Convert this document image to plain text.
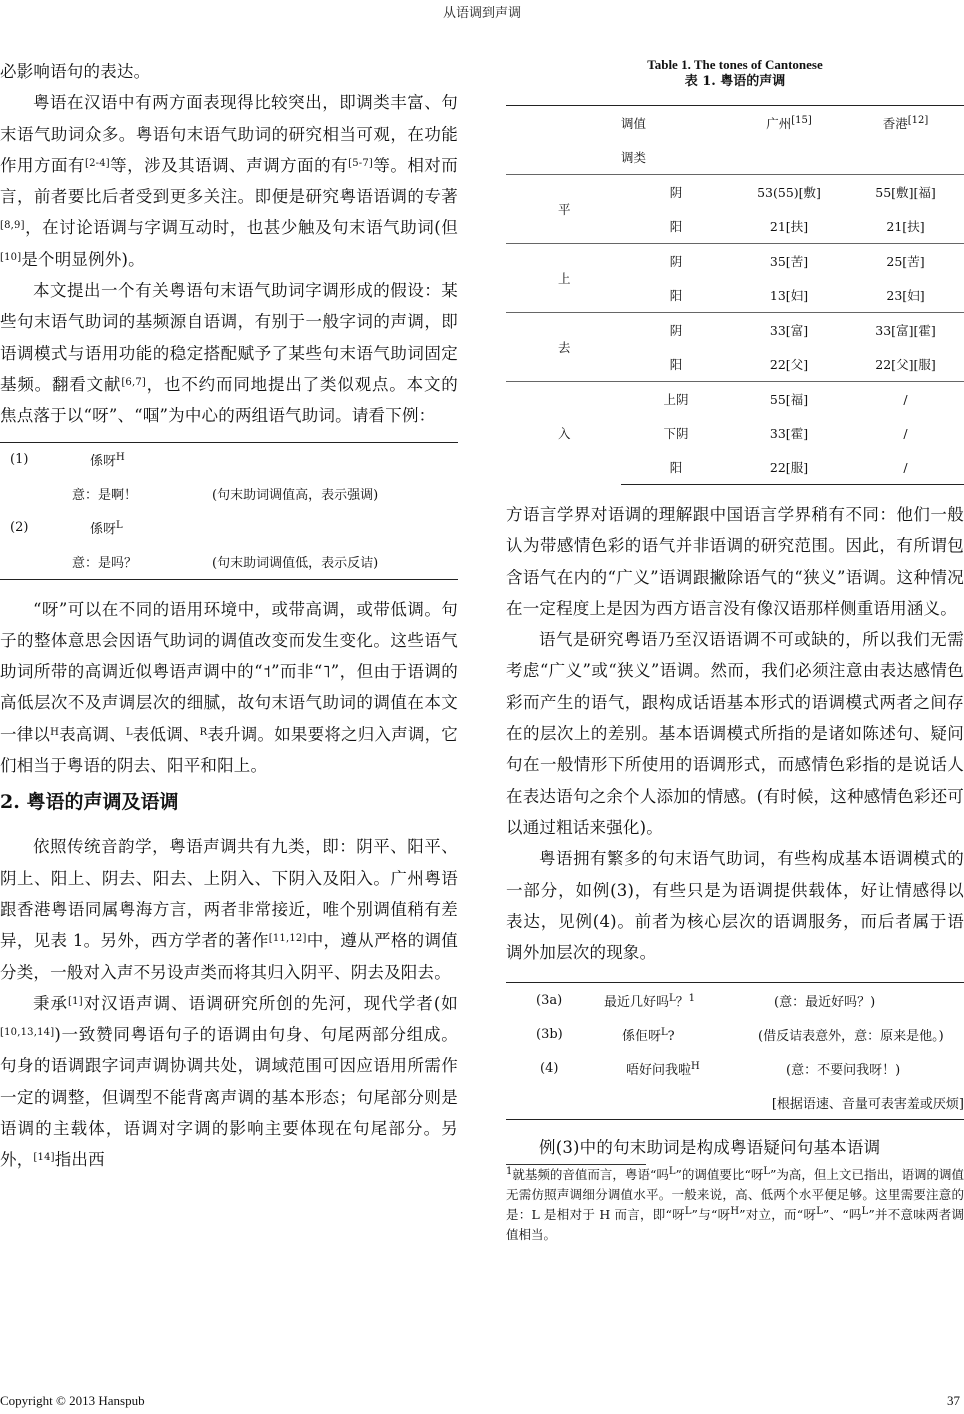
从语调到声调

必影响语句的表达。

粤语在汉语中有两方面表现得比较突出，即调类丰富、句末语气助词众多。粤语句末语气助词的研究相当可观，在功能作用方面有[2-4]等，涉及其语调、声调方面的有[5-7]等。相对而言，前者要比后者受到更多关注。即便是研究粤语语调的专著[8,9]，在讨论语调与字调互动时，也甚少触及句末语气助词(但[10]是个明显例外)。

本文提出一个有关粤语句末语气助词字调形成的假设：某些句末语气助词的基频源自语调，有别于一般字词的声调，即语调模式与语用功能的稳定搭配赋予了某些句末语气助词固定基频。翻看文献[6,7]，也不约而同地提出了类似观点。本文的焦点落于以“呀”、“啯”为中心的两组语气助词。请看下例：

(1)	係呀$^H$
意：是啊！	(句末助词调值高，表示强调)
(2)	係呀$^L$
意：是吗？	(句末助词调值低，表示反诘)

“呀”可以在不同的语用环境中，或带高调，或带低调。句子的整体意思会因语气助词的调值改变而发生变化。这些语气助词所带的高调近似粤语声调中的“˦”而非“˥”，但由于语调的高低层次不及声调层次的细腻，故句末语气助词的调值在本文一律以$^H$表高调、$^L$表低调、$^R$表升调。如果要将之归入声调，它们相当于粤语的阴去、阳平和阳上。

2. 粤语的声调及语调

依照传统音韵学，粤语声调共有九类，即：阴平、阳平、阴上、阳上、阴去、阳去、上阴入、下阴入及阳入。广州粤语跟香港粤语同属粤海方言，两者非常接近，唯个别调值稍有差异，见表 1。另外，西方学者的著作[11,12]中，遵从严格的调值分类，一般对入声不另设声类而将其归入阴平、阴去及阳去。

秉承[1]对汉语声调、语调研究所创的先河，现代学者(如[10,13,14])一致赞同粤语句子的语调由句身、句尾两部分组成。句身的语调跟字词声调协调共处，调域范围可因应语用所需作一定的调整，但调型不能背离声调的基本形态；句尾部分则是语调的主载体，语调对字调的影响主要体现在句尾部分。另外，[14]指出西

Table 1. The tones of Cantonese
表 1. 粤语的声调
	调值	广州[15]	香港[12]
	调类		
平	阴	53(55)[敷]	55[敷][福]
	阳	21[扶]	21[扶]
上	阴	35[苦]	25[苦]
	阳	13[妇]	23[妇]
去	阴	33[富]	33[富][霍]
	阳	22[父]	22[父][服]
入	上阴	55[福]	/
	下阴	33[霍]	/
	阳	22[服]	/

方语言学界对语调的理解跟中国语言学界稍有不同：他们一般认为带感情色彩的语气并非语调的研究范围。因此，有所谓包含语气在内的“广义”语调跟撇除语气的“狭义”语调。这种情况在一定程度上是因为西方语言没有像汉语那样侧重语用涵义。

语气是研究粤语乃至汉语语调不可或缺的，所以我们无需考虑“广义”或“狭义”语调。然而，我们必须注意由表达感情色彩而产生的语气，跟构成话语基本形式的语调模式两者之间存在的层次上的差别。基本语调模式所指的是诸如陈述句、疑问句在一般情形下所使用的语调形式，而感情色彩指的是说话人在表达语句之余个人添加的情感。(有时候，这种感情色彩还可以通过粗话来强化)。

粤语拥有繁多的句末语气助词，有些构成基本语调模式的一部分，如例(3)，有些只是为语调提供载体，好让情感得以表达，见例(4)。前者为核心层次的语调服务，而后者属于语调外加层次的现象。

(3a)	最近几好吗$^L$？$^1$	(意：最近好吗？)
(3b)	係佢呀$^L$?	(借反诘表意外，意：原来是他。)
(4)	唔好问我啦$^H$	(意：不要问我呀！)
[根据语速、音量可表害羞或厌烦]

例(3)中的句末助词是构成粤语疑问句基本语调

$^1$就基频的音值而言，粤语“吗$^L$”的调值要比“呀$^L$”为高，但上文已指出，语调的调值无需仿照声调细分调值水平。一般来说，高、低两个水平便足够。这里需要注意的是：L 是相对于 H 而言，即“呀$^L$”与“呀$^H$”对立，而“呀$^L$”、“吗$^L$”并不意味两者调值相当。

Copyright © 2013 Hanspub	37
